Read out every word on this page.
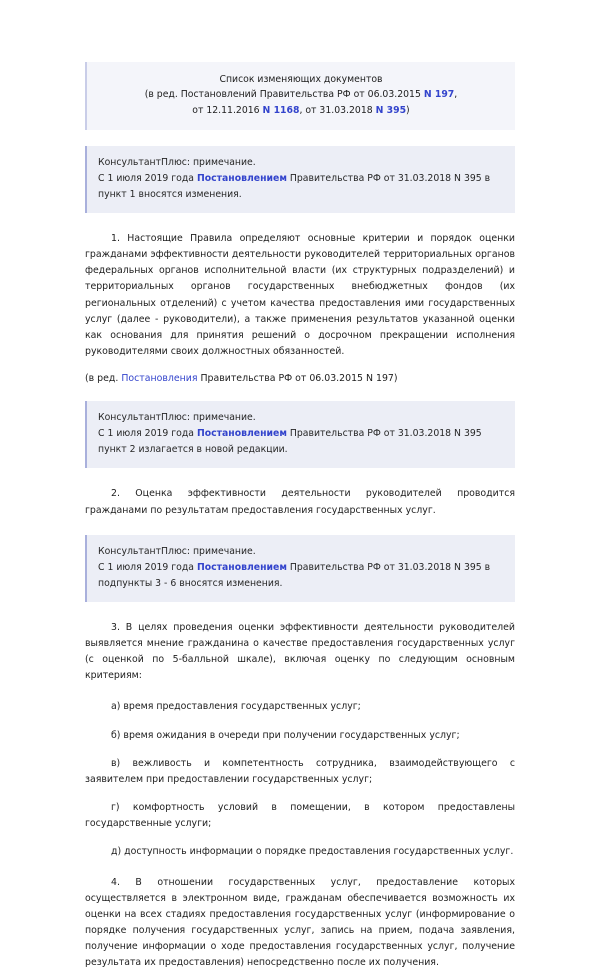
Список изменяющих документов
(в ред. Постановлений Правительства РФ от 06.03.2015 N 197,
от 12.11.2016 N 1168, от 31.03.2018 N 395)
КонсультантПлюс: примечание.
С 1 июля 2019 года Постановлением Правительства РФ от 31.03.2018 N 395 в пункт 1 вносятся изменения.

1. Настоящие Правила определяют основные критерии и порядок оценки гражданами эффективности деятельности руководителей территориальных органов федеральных органов исполнительной власти (их структурных подразделений) и территориальных органов государственных внебюджетных фондов (их региональных отделений) с учетом качества предоставления ими государственных услуг (далее - руководители), а также применения результатов указанной оценки как основания для принятия решений о досрочном прекращении исполнения руководителями своих должностных обязанностей.

(в ред. Постановления Правительства РФ от 06.03.2015 N 197)

КонсультантПлюс: примечание.
С 1 июля 2019 года Постановлением Правительства РФ от 31.03.2018 N 395 пункт 2 излагается в новой редакции.

2. Оценка эффективности деятельности руководителей проводится гражданами по результатам предоставления государственных услуг.

КонсультантПлюс: примечание.
С 1 июля 2019 года Постановлением Правительства РФ от 31.03.2018 N 395 в подпункты 3 - 6 вносятся изменения.

3. В целях проведения оценки эффективности деятельности руководителей выявляется мнение гражданина о качестве предоставления государственных услуг (с оценкой по 5-балльной шкале), включая оценку по следующим основным критериям:

а) время предоставления государственных услуг;

б) время ожидания в очереди при получении государственных услуг;

в) вежливость и компетентность сотрудника, взаимодействующего с заявителем при предоставлении государственных услуг;

г) комфортность условий в помещении, в котором предоставлены государственные услуги;

д) доступность информации о порядке предоставления государственных услуг.

4. В отношении государственных услуг, предоставление которых осуществляется в электронном виде, гражданам обеспечивается возможность их оценки на всех стадиях предоставления государственных услуг (информирование о порядке получения государственных услуг, запись на прием, подача заявления, получение информации о ходе предоставления государственных услуг, получение результата их предоставления) непосредственно после их получения.
